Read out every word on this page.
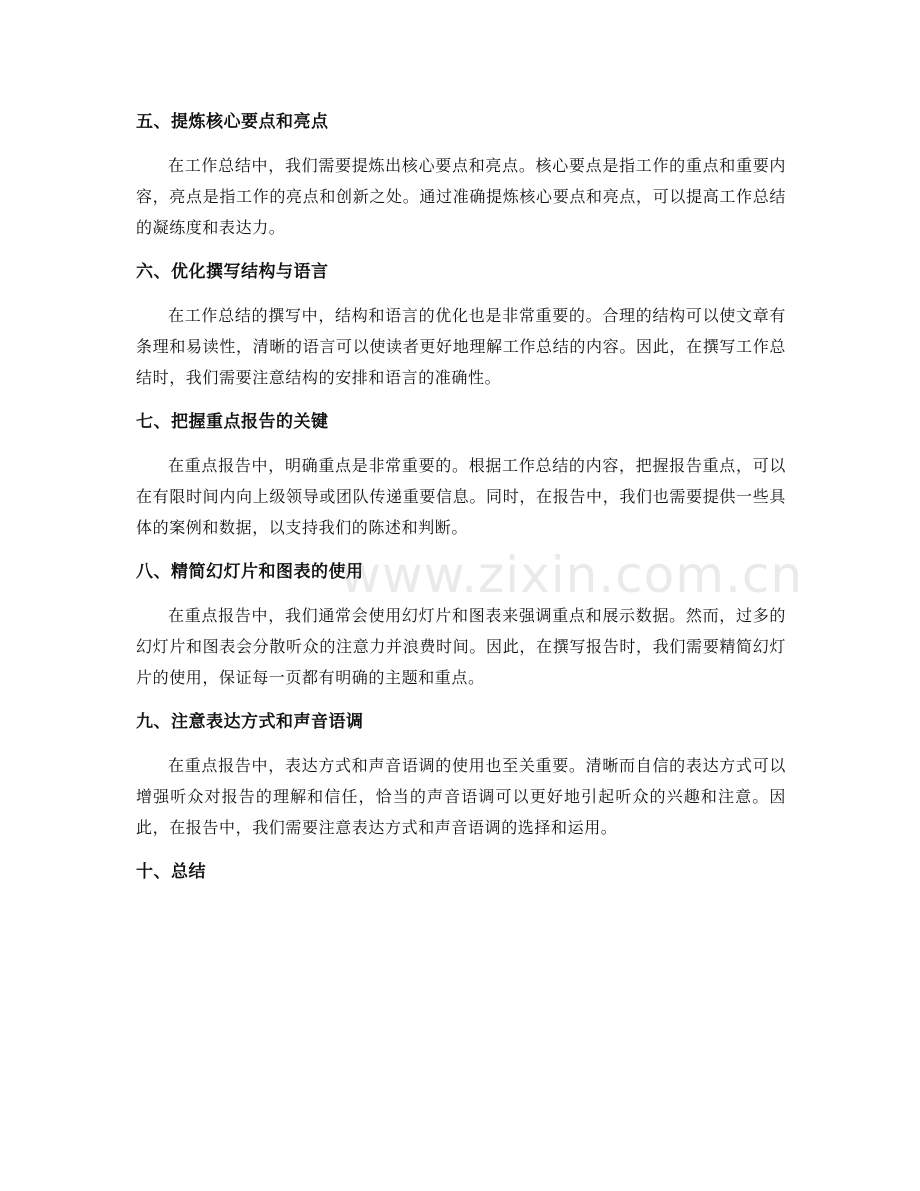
五、提炼核心要点和亮点

在工作总结中，我们需要提炼出核心要点和亮点。核心要点是指工作的重点和重要内容，亮点是指工作的亮点和创新之处。通过准确提炼核心要点和亮点，可以提高工作总结的凝练度和表达力。

六、优化撰写结构与语言

在工作总结的撰写中，结构和语言的优化也是非常重要的。合理的结构可以使文章有条理和易读性，清晰的语言可以使读者更好地理解工作总结的内容。因此，在撰写工作总结时，我们需要注意结构的安排和语言的准确性。

七、把握重点报告的关键

在重点报告中，明确重点是非常重要的。根据工作总结的内容，把握报告重点，可以在有限时间内向上级领导或团队传递重要信息。同时，在报告中，我们也需要提供一些具体的案例和数据，以支持我们的陈述和判断。

八、精简幻灯片和图表的使用

在重点报告中，我们通常会使用幻灯片和图表来强调重点和展示数据。然而，过多的幻灯片和图表会分散听众的注意力并浪费时间。因此，在撰写报告时，我们需要精简幻灯片的使用，保证每一页都有明确的主题和重点。

九、注意表达方式和声音语调

在重点报告中，表达方式和声音语调的使用也至关重要。清晰而自信的表达方式可以增强听众对报告的理解和信任，恰当的声音语调可以更好地引起听众的兴趣和注意。因此，在报告中，我们需要注意表达方式和声音语调的选择和运用。

十、总结
www.zixin.com.cn
